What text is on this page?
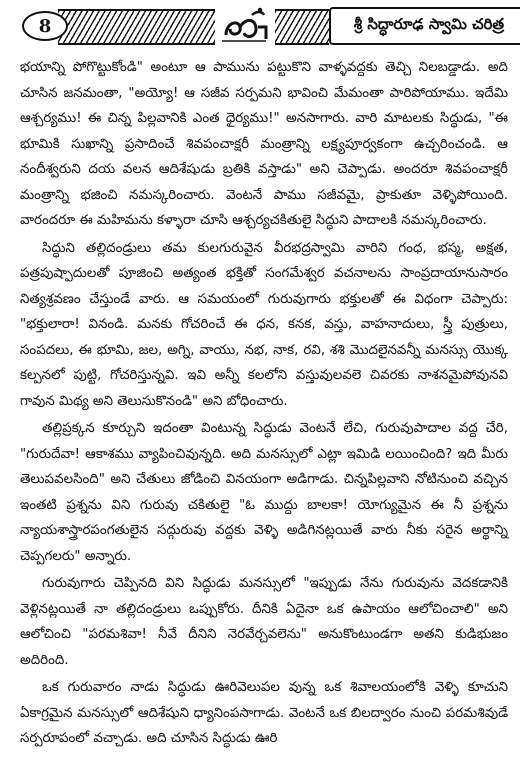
8	శ్రీ సిద్ధారూఢ స్వామి చరిత్ర

భయాన్ని పోగొట్టుకోండి" అంటూ ఆ పామును పట్టుకొని వాళ్ళవద్దకు తెచ్చి నిలబడ్డాడు. అది చూసిన జనమంతా, "అయ్యో! ఆ సజీవ సర్పమని భావించి మేమంతా పారిపోయాము. ఇదేమి ఆశ్చర్యము! ఈ చిన్న పిల్లవానికి ఎంత ధైర్యము!" అనసాగారు. వారి మాటలకు సిద్ధుడు, "ఈ భూమికి సుఖాన్ని ప్రసాదించే శివపంచాక్షరీ మంత్రాన్ని లక్ష్యపూర్వకంగా ఉచ్చరించండి. ఆ నందీశ్వరుని దయ వలన ఆదిశేషుడు బ్రతికి వస్తాడు" అని చెప్పాడు. అందరూ శివపంచాక్షరీ మంత్రాన్ని భజించి నమస్కరించారు. వెంటనే పాము సజీవమై, ప్రాకుతూ వెళ్ళిపోయింది. వారందరూ ఈ మహిమను కళ్ళారా చూసి ఆశ్చర్యచకితులై సిద్ధుని పాదాలకి నమస్కరించారు.

సిద్ధుని తల్లిదండ్రులు తమ కులగురువైన వీరభద్రస్వామి వారిని గంధ, భస్మ, అక్షత, పత్రపుష్పాదులతో పూజించి అత్యంత భక్తితో సంగమేశ్వర వచనాలను సాంప్రదాయానుసారం నిత్యశ్రవణం చేస్తుండే వారు. ఆ సమయంలో గురువుగారు భక్తులతో ఈ విధంగా చెప్పారు: "భక్తులారా! వినండి. మనకు గోచరించే ఈ ధన, కనక, వస్తు, వాహనాదులు, స్త్రీ పుత్రులు, సంపదలు, ఈ భూమి, జల, అగ్ని, వాయు, నభ, నాక, రవి, శశి మొదలైనవన్నీ మనస్సు యొక్క కల్పనలో పుట్టి, గోచరిస్తున్నవి. ఇవి అన్నీ కలలోని వస్తువులవలె చివరకు నాశనమైపోవునవి గావున మిథ్య అని తెలుసుకొనండి" అని బోధించారు.

తల్లిప్రక్కన కూర్చుని ఇదంతా వింటున్న సిద్ధుడు వెంటనే లేచి, గురువుపాదాల వద్ద చేరి, "గురుదేవా! ఆకాశము వ్యాపించివున్నది. అది మనస్సులో ఎట్లా ఇమిడి లయించింది? ఇది మీరు తెలుపవలసింది" అని చేతులు జోడించి వినయంగా అడిగాడు. చిన్నపిల్లవాని నోటినుంచి వచ్చిన ఇంతటి ప్రశ్నను విని గురువు చకితులై "ఓ ముద్దు బాలకా! యోగ్యుమైన ఈ నీ ప్రశ్నను న్యాయశాస్త్రారపంగతులైన సద్గురువు వద్దకు వెళ్ళి అడిగినట్లయితే వారు నీకు సరైన అర్థాన్ని చెప్పగలరు" అన్నారు.

గురువుగారు చెప్పినది విని సిద్ధుడు మనస్సులో "ఇప్పుడు నేను గురువును వెదకడానికి వెళ్లినట్లయితే నా తల్లిదండ్రులు ఒప్పుకోరు. దీనికి ఏదైనా ఒక ఉపాయం ఆలోచించాలి" అని ఆలోచించి "పరమశివా! నీవే దీనిని నెరవేర్చవలెను" అనుకొంటుండగా అతని కుడిభుజం అదిరింది.

ఒక గురువారం నాడు సిద్ధుడు ఊరివెలుపల వున్న ఒక శివాలయంలోకి వెళ్ళి కూచుని ఏకాగ్రమైన మనస్సులో ఆదిశేషుని ధ్యానింపసాగాడు. వెంటనే ఒక బిలద్వారం నుంచి పరమశివుడే సర్పరూపంలో వచ్చాడు. అది చూసిన సిద్ధుడు ఊరి
